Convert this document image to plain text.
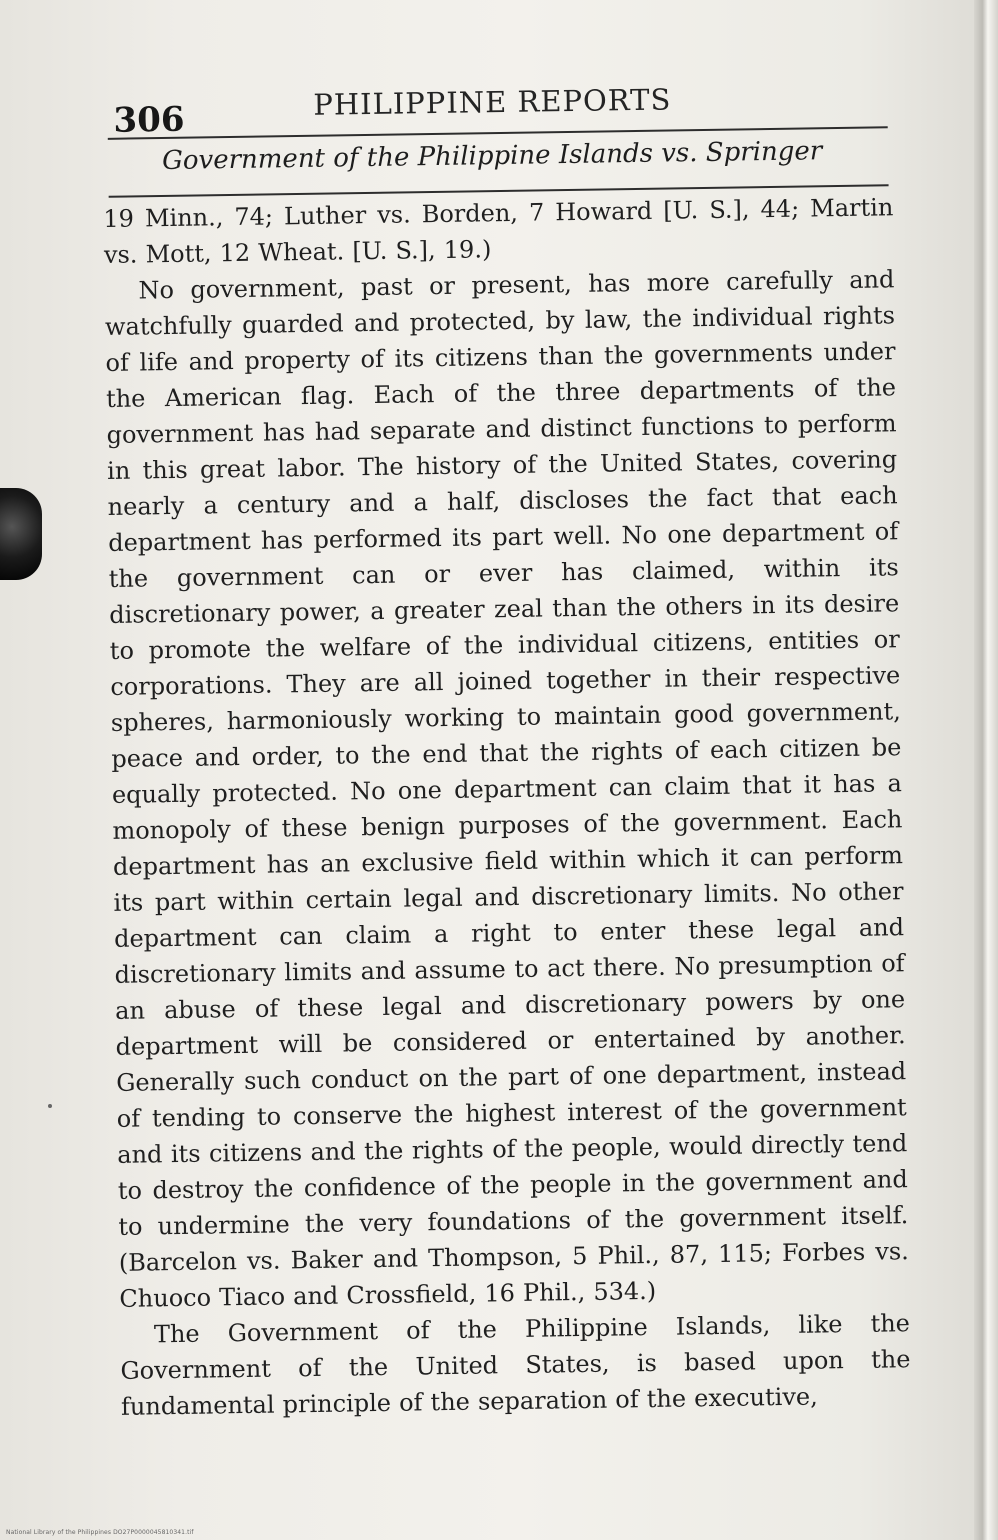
306	PHILIPPINE REPORTS
Government of the Philippine Islands vs. Springer

19 Minn., 74; Luther vs. Borden, 7 Howard [U. S.], 44; Martin vs. Mott, 12 Wheat. [U. S.], 19.)

No government, past or present, has more carefully and watchfully guarded and protected, by law, the individual rights of life and property of its citizens than the governments under the American flag. Each of the three departments of the government has had separate and distinct functions to perform in this great labor. The history of the United States, covering nearly a century and a half, discloses the fact that each department has performed its part well. No one department of the government can or ever has claimed, within its discretionary power, a greater zeal than the others in its desire to promote the welfare of the individual citizens, entities or corporations. They are all joined together in their respective spheres, harmoniously working to maintain good government, peace and order, to the end that the rights of each citizen be equally protected. No one department can claim that it has a monopoly of these benign purposes of the government. Each department has an exclusive field within which it can perform its part within certain legal and discretionary limits. No other department can claim a right to enter these legal and discretionary limits and assume to act there. No presumption of an abuse of these legal and discretionary powers by one department will be considered or entertained by another. Generally such conduct on the part of one department, instead of tending to conserve the highest interest of the government and its citizens and the rights of the people, would directly tend to destroy the confidence of the people in the government and to undermine the very foundations of the government itself. (Barcelon vs. Baker and Thompson, 5 Phil., 87, 115; Forbes vs. Chuoco Tiaco and Crossfield, 16 Phil., 534.)

The Government of the Philippine Islands, like the Government of the United States, is based upon the fundamental principle of the separation of the executive,

National Library of the Philippines DO27P0000045810341.tif
